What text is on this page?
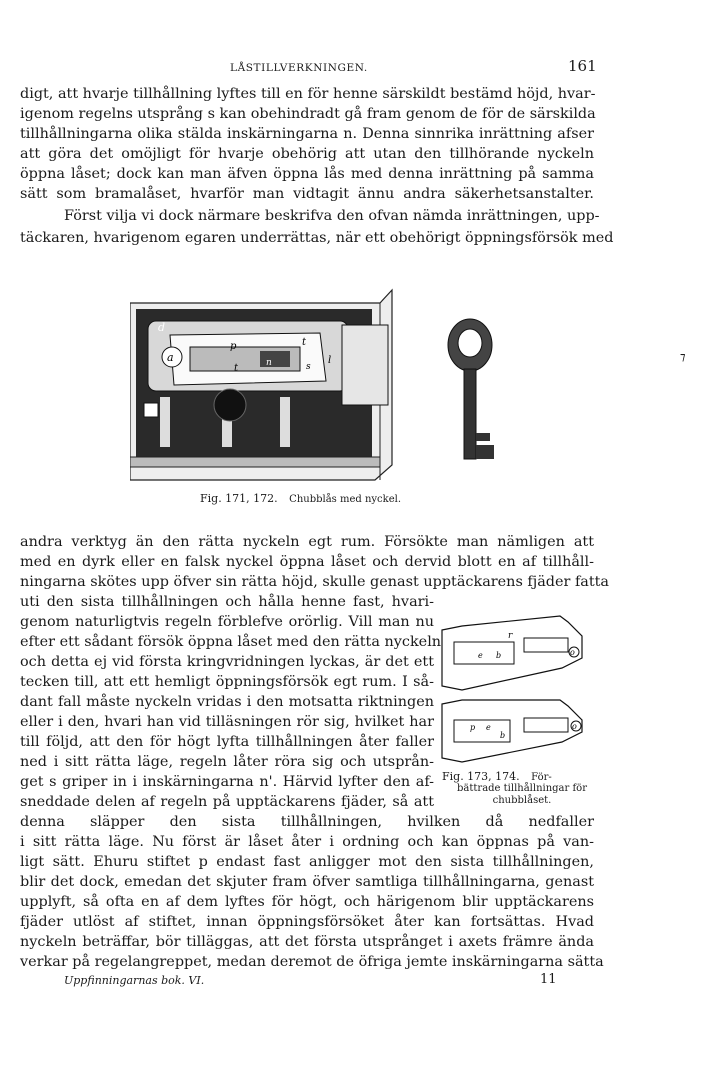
LÅSTILLVERKNINGEN.	161
digt, att hvarje tillhållning lyftes till en för henne särskildt bestämd höjd, hvar-
igenom regelns utsprång s kan obehindradt gå fram genom de för de särskilda
tillhållningarna olika stälda inskärningarna n. Denna sinnrika inrättning afser
att göra det omöjligt för hvarje obehörig att utan den tillhörande nyckeln
öppna låset; dock kan man äfven öppna lås med denna inrättning på samma
sätt som bramalåset, hvarför man vidtagit ännu andra säkerhetsanstalter.
Först vilja vi dock närmare beskrifva den ofvan nämda inrättningen, upp-
täckaren, hvarigenom egaren underrättas, när ett obehörigt öppningsförsök med
a
d
p
t
t
n	l
s
Fig. 171, 172. Chubblås med nyckel.
andra verktyg än den rätta nyckeln egt rum. Försökte man nämligen att
med en dyrk eller en falsk nyckel öppna låset och dervid blott en af tillhåll-
ningarna skötes upp öfver sin rätta höjd, skulle genast upptäckarens fjäder fatta
uti den sista tillhållningen och hålla henne fast, hvari-
genom naturligtvis regeln förblefve orörlig. Vill man nu
efter ett sådant försök öppna låset med den rätta nyckeln
och detta ej vid första kringvridningen lyckas, är det ett
tecken till, att ett hemligt öppningsförsök egt rum. I så-
dant fall måste nyckeln vridas i den motsatta riktningen
eller i den, hvari han vid tilläsningen rör sig, hvilket har
till följd, att den för högt lyfta tillhållningen åter faller
ned i sitt rätta läge, regeln låter röra sig och utsprån-
get s griper in i inskärningarna n'. Härvid lyfter den af-
sneddade delen af regeln på upptäckarens fjäder, så att
i sitt rätta läge. Nu först är låset åter i ordning och kan öppnas på van-
ligt sätt. Ehuru stiftet p endast fast anligger mot den sista tillhållningen,
blir det dock, emedan det skjuter fram öfver samtliga tillhållningarna, genast
upplyft, så ofta en af dem lyftes för högt, och härigenom blir upptäckarens
fjäder utlöst af stiftet, innan öppningsförsöket åter kan fortsättas. Hvad
nyckeln beträffar, bör tilläggas, att det första utsprånget i axets främre ända
verkar på regelangreppet, medan deremot de öfriga jemte inskärningarna sätta
denna släpper den sista tillhållningen, hvilken då nedfaller
r
o
e b
p e
b
o
Fig. 173, 174. För-
bättrade tillhållningar för
chubblåset.
⁊
Uppfinningarnas bok. VI.	11
